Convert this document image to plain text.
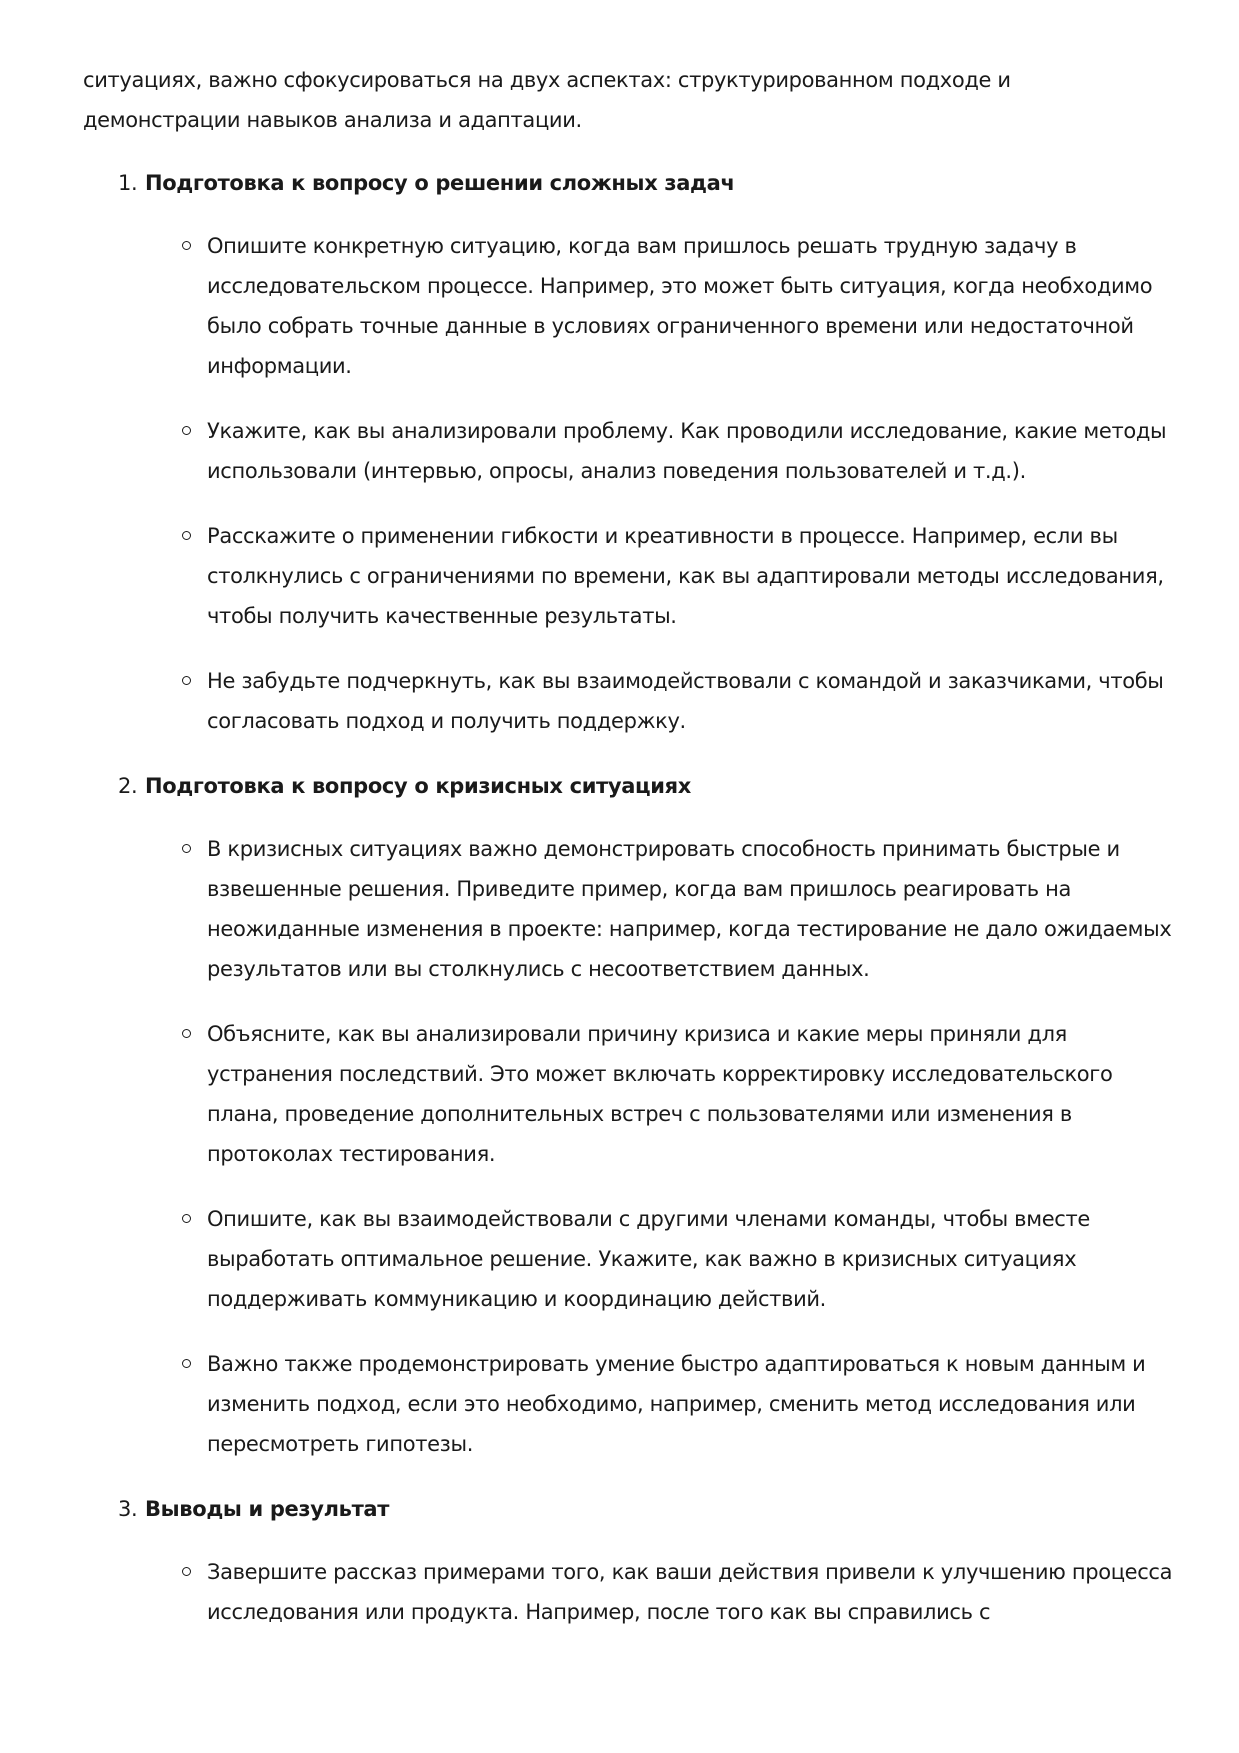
ситуациях, важно сфокусироваться на двух аспектах: структурированном подходе и демонстрации навыков анализа и адаптации.

1. Подготовка к вопросу о решении сложных задач
Опишите конкретную ситуацию, когда вам пришлось решать трудную задачу в исследовательском процессе. Например, это может быть ситуация, когда необходимо было собрать точные данные в условиях ограниченного времени или недостаточной информации.
Укажите, как вы анализировали проблему. Как проводили исследование, какие методы использовали (интервью, опросы, анализ поведения пользователей и т.д.).
Расскажите о применении гибкости и креативности в процессе. Например, если вы столкнулись с ограничениями по времени, как вы адаптировали методы исследования, чтобы получить качественные результаты.
Не забудьте подчеркнуть, как вы взаимодействовали с командой и заказчиками, чтобы согласовать подход и получить поддержку.
2. Подготовка к вопросу о кризисных ситуациях
В кризисных ситуациях важно демонстрировать способность принимать быстрые и взвешенные решения. Приведите пример, когда вам пришлось реагировать на неожиданные изменения в проекте: например, когда тестирование не дало ожидаемых результатов или вы столкнулись с несоответствием данных.
Объясните, как вы анализировали причину кризиса и какие меры приняли для устранения последствий. Это может включать корректировку исследовательского плана, проведение дополнительных встреч с пользователями или изменения в протоколах тестирования.
Опишите, как вы взаимодействовали с другими членами команды, чтобы вместе выработать оптимальное решение. Укажите, как важно в кризисных ситуациях поддерживать коммуникацию и координацию действий.
Важно также продемонстрировать умение быстро адаптироваться к новым данным и изменить подход, если это необходимо, например, сменить метод исследования или пересмотреть гипотезы.
3. Выводы и результат
Завершите рассказ примерами того, как ваши действия привели к улучшению процесса исследования или продукта. Например, после того как вы справились с
